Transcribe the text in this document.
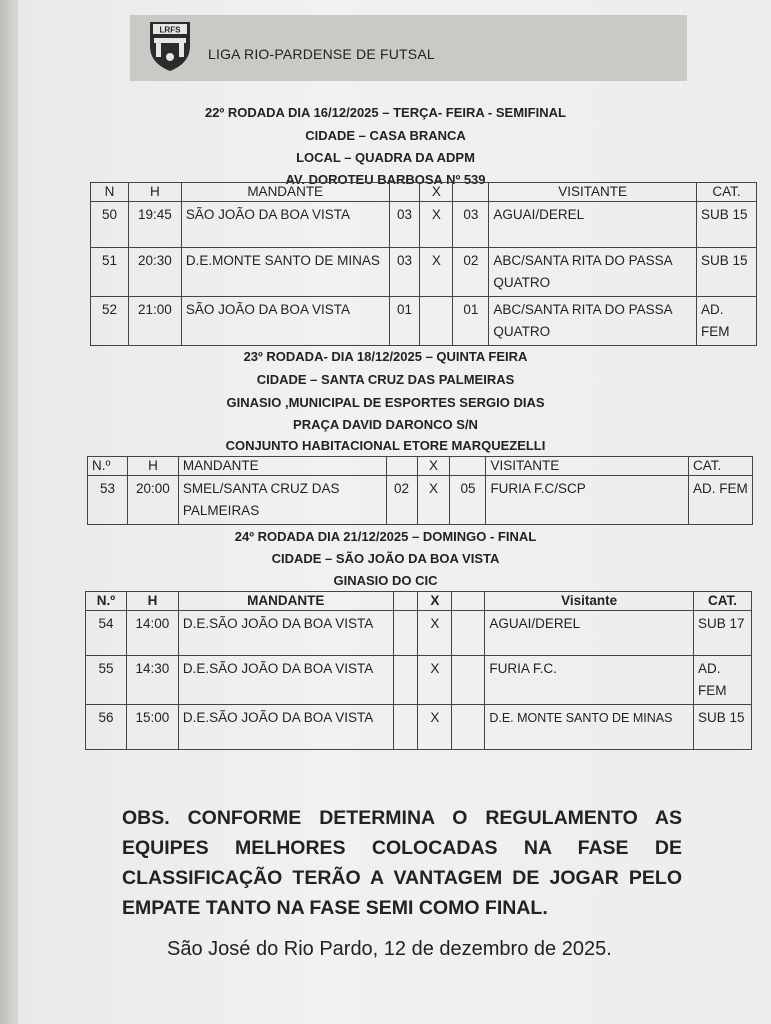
LRFS
LIGA RIO-PARDENSE DE FUTSAL
22º RODADA DIA 16/12/2025 – TERÇA- FEIRA - SEMIFINAL
CIDADE – CASA BRANCA
LOCAL – QUADRA DA ADPM
AV. DOROTEU BARBOSA Nº 539
N	H	MANDANTE		X		VISITANTE	CAT.
50	19:45	SÃO JOÃO DA BOA VISTA	03	X	03	AGUAI/DEREL	SUB 15
51	20:30	D.E.MONTE SANTO DE MINAS	03	X	02	ABC/SANTA RITA DO PASSA QUATRO	SUB 15
52	21:00	SÃO JOÃO DA BOA VISTA	01		01	ABC/SANTA RITA DO PASSA QUATRO	AD. FEM
23º RODADA- DIA 18/12/2025 – QUINTA FEIRA
CIDADE – SANTA CRUZ DAS PALMEIRAS
GINASIO ,MUNICIPAL DE ESPORTES SERGIO DIAS
PRAÇA DAVID DARONCO S/N
CONJUNTO HABITACIONAL ETORE MARQUEZELLI
N.º	H	MANDANTE		X		VISITANTE	CAT.
53	20:00	SMEL/SANTA CRUZ DAS PALMEIRAS	02	X	05	FURIA F.C/SCP	AD. FEM
24º RODADA DIA 21/12/2025 – DOMINGO - FINAL
CIDADE – SÃO JOÃO DA BOA VISTA
GINASIO DO CIC
N.º	H	MANDANTE		X		Visitante	CAT.
54	14:00	D.E.SÃO JOÃO DA BOA VISTA		X		AGUAI/DEREL	SUB 17
55	14:30	D.E.SÃO JOÃO DA BOA VISTA		X		FURIA F.C.	AD. FEM
56	15:00	D.E.SÃO JOÃO DA BOA VISTA		X		D.E. MONTE SANTO DE MINAS	SUB 15
OBS. CONFORME DETERMINA O REGULAMENTO AS EQUIPES MELHORES COLOCADAS NA FASE DE CLASSIFICAÇÃO TERÃO A VANTAGEM DE JOGAR PELO EMPATE TANTO NA FASE SEMI COMO FINAL.
São José do Rio Pardo, 12 de dezembro de 2025.
